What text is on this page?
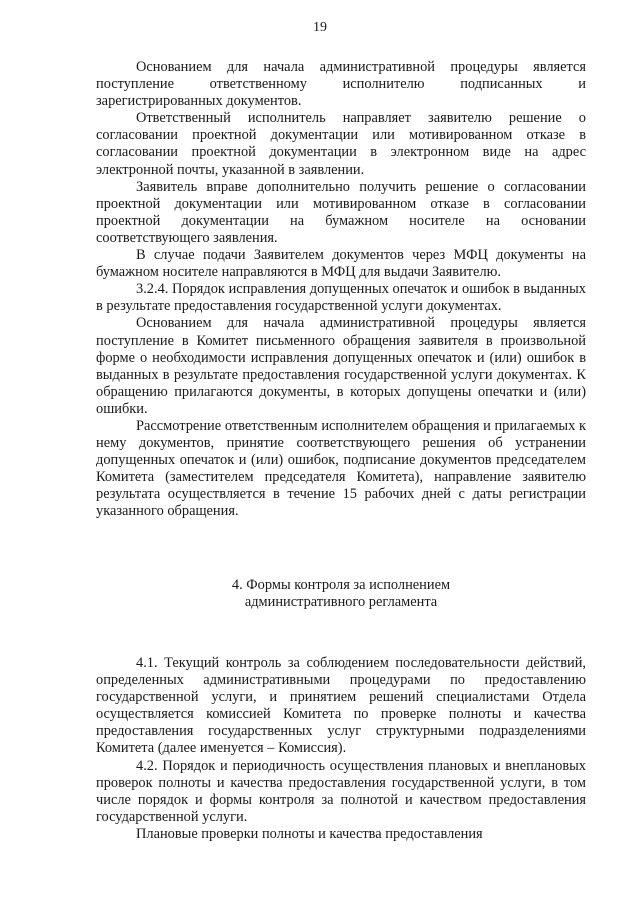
19

Основанием для начала административной процедуры является поступление ответственному исполнителю подписанных и зарегистрированных документов.

Ответственный исполнитель направляет заявителю решение о согласовании проектной документации или мотивированном отказе в согласовании проектной документации в электронном виде на адрес электронной почты, указанной в заявлении.

Заявитель вправе дополнительно получить решение о согласовании проектной документации или мотивированном отказе в согласовании проектной документации на бумажном носителе на основании соответствующего заявления.

В случае подачи Заявителем документов через МФЦ документы на бумажном носителе направляются в МФЦ для выдачи Заявителю.

3.2.4. Порядок исправления допущенных опечаток и ошибок в выданных в результате предоставления государственной услуги документах.

Основанием для начала административной процедуры является поступление в Комитет письменного обращения заявителя в произвольной форме о необходимости исправления допущенных опечаток и (или) ошибок в выданных в результате предоставления государственной услуги документах. К обращению прилагаются документы, в которых допущены опечатки и (или) ошибки.

Рассмотрение ответственным исполнителем обращения и прилагаемых к нему документов, принятие соответствующего решения об устранении допущенных опечаток и (или) ошибок, подписание документов председателем Комитета (заместителем председателя Комитета), направление заявителю результата осуществляется в течение 15 рабочих дней с даты регистрации указанного обращения.

4. Формы контроля за исполнением
административного регламента

4.1. Текущий контроль за соблюдением последовательности действий, определенных административными процедурами по предоставлению государственной услуги, и принятием решений специалистами Отдела осуществляется комиссией Комитета по проверке полноты и качества предоставления государственных услуг структурными подразделениями Комитета (далее именуется – Комиссия).

4.2. Порядок и периодичность осуществления плановых и внеплановых проверок полноты и качества предоставления государственной услуги, в том числе порядок и формы контроля за полнотой и качеством предоставления государственной услуги.

Плановые проверки полноты и качества предоставления
